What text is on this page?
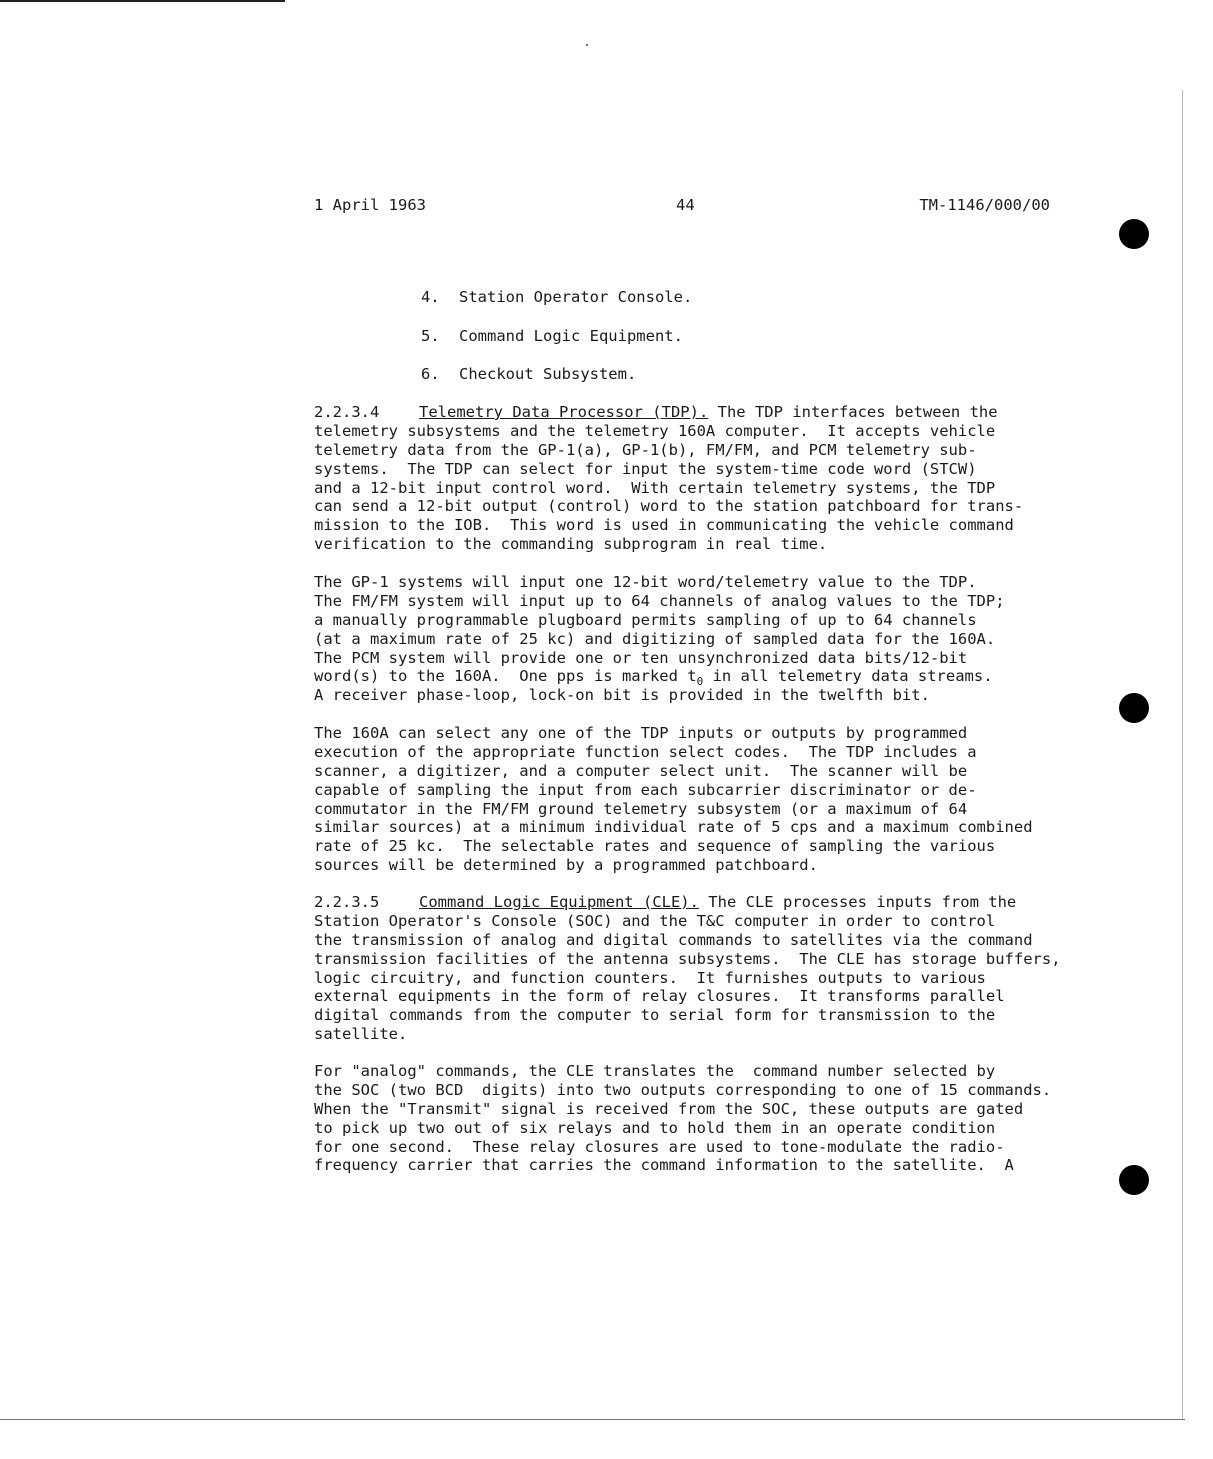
1 April 1963	44	TM-1146/000/00
4. Station Operator Console.
5. Command Logic Equipment.
6. Checkout Subsystem.
2.2.3.4	Telemetry Data Processor (TDP). The TDP interfaces between the
telemetry subsystems and the telemetry 160A computer.  It accepts vehicle
telemetry data from the GP-1(a), GP-1(b), FM/FM, and PCM telemetry sub-
systems.  The TDP can select for input the system-time code word (STCW)
and a 12-bit input control word.  With certain telemetry systems, the TDP
can send a 12-bit output (control) word to the station patchboard for trans-
mission to the IOB.  This word is used in communicating the vehicle command
verification to the commanding subprogram in real time.
The GP-1 systems will input one 12-bit word/telemetry value to the TDP.
The FM/FM system will input up to 64 channels of analog values to the TDP;
a manually programmable plugboard permits sampling of up to 64 channels
(at a maximum rate of 25 kc) and digitizing of sampled data for the 160A.
The PCM system will provide one or ten unsynchronized data bits/12-bit
word(s) to the 160A.  One pps is marked $t_0$ in all telemetry data streams.
A receiver phase-loop, lock-on bit is provided in the twelfth bit.
The 160A can select any one of the TDP inputs or outputs by programmed
execution of the appropriate function select codes.  The TDP includes a
scanner, a digitizer, and a computer select unit.  The scanner will be
capable of sampling the input from each subcarrier discriminator or de-
commutator in the FM/FM ground telemetry subsystem (or a maximum of 64
similar sources) at a minimum individual rate of 5 cps and a maximum combined
rate of 25 kc.  The selectable rates and sequence of sampling the various
sources will be determined by a programmed patchboard.
2.2.3.5	Command Logic Equipment (CLE). The CLE processes inputs from the
Station Operator's Console (SOC) and the T&C computer in order to control
the transmission of analog and digital commands to satellites via the command
transmission facilities of the antenna subsystems.  The CLE has storage buffers,
logic circuitry, and function counters.  It furnishes outputs to various
external equipments in the form of relay closures.  It transforms parallel
digital commands from the computer to serial form for transmission to the
satellite.
For "analog" commands, the CLE translates the  command number selected by
the SOC (two BCD  digits) into two outputs corresponding to one of 15 commands.
When the "Transmit" signal is received from the SOC, these outputs are gated
to pick up two out of six relays and to hold them in an operate condition
for one second.  These relay closures are used to tone-modulate the radio-
frequency carrier that carries the command information to the satellite.  A
